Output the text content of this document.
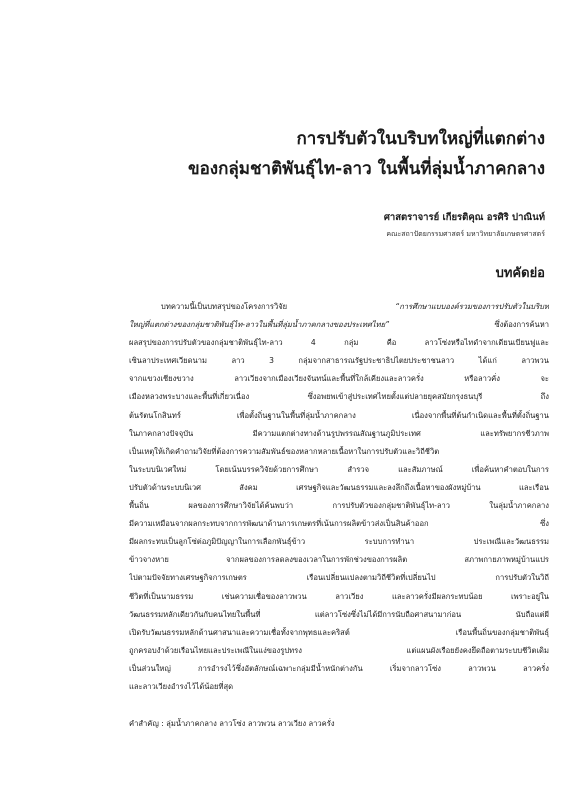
การปรับตัวในบริบทใหญ่ที่แตกต่าง
ของกลุ่มชาติพันธุ์ไท-ลาว ในพื้นที่ลุ่มน้ำภาคกลาง
ศาสตราจารย์ เกียรติคุณ อรศิริ ปาณินท์
คณะสถาปัตยกรรมศาสตร์ มหาวิทยาลัยเกษตรศาสตร์
บทคัดย่อ
บทความนี้เป็นบทสรุปของโครงการวิจัย “การศึกษาแบบองค์รวมของการปรับตัวในบริบท
ใหญ่ที่แตกต่างของกลุ่มชาติพันธุ์ไท-ลาวในพื้นที่ลุ่มน้ำภาคกลางของประเทศไทย” ซึ่งต้องการค้นหา
ผลสรุปของการปรับตัวของกลุ่มชาติพันธุ์ไท-ลาว 4 กลุ่ม คือ ลาวโซ่งหรือไทดำจากเดียนเบียนฟูและ
เซินลาประเทศเวียดนาม ลาว 3 กลุ่มจากสาธารณรัฐประชาธิปไตยประชาชนลาว ได้แก่ ลาวพวน
จากแขวงเชียงขวาง ลาวเวียงจากเมืองเวียงจันทน์และพื้นที่ใกล้เคียงและลาวครั่ง หรือลาวคั่ง จะ
เมืองหลวงพระบางและพื้นที่เกี่ยวเนื่อง ซึ่งอพยพเข้าสู่ประเทศไทยตั้งแต่ปลายยุคสมัยกรุงธนบุรี ถึง
ต้นรัตนโกสินทร์ เพื่อตั้งถิ่นฐานในพื้นที่ลุ่มน้ำภาคกลาง เนื่องจากพื้นที่ต้นกำเนิดและพื้นที่ตั้งถิ่นฐาน
ในภาคกลางปัจจุบัน มีความแตกต่างทางด้านรูปพรรณสัณฐานภูมิประเทศ และทรัพยากรชีวภาพ
เป็นเหตุให้เกิดคำถามวิจัยที่ต้องการความสัมพันธ์ของหลากหลายเนื้อหาในการปรับตัวและวิถีชีวิต
ในระบบนิเวศใหม่ โดยเน้นบรรควิจัยด้วยการศึกษา สำรวจ และสัมภาษณ์ เพื่อค้นหาคำตอบในการ
ปรับตัวด้านระบบนิเวศ สังคม เศรษฐกิจและวัฒนธรรมและลงลึกถึงเนื้อหาของผังหมู่บ้าน และเรือน
พื้นถิ่น ผลของการศึกษาวิจัยได้ค้นพบว่า การปรับตัวของกลุ่มชาติพันธุ์ไท-ลาว ในลุ่มน้ำภาคกลาง
มีความเหมือนจากผลกระทบจากการพัฒนาด้านการเกษตรที่เน้นการผลิตข้าวส่งเป็นสินค้าออก ซึ่ง
มีผลกระทบเป็นลูกโซ่ต่อภูมิปัญญาในการเลือกพันธุ์ข้าว ระบบการทำนา ประเพณีและวัฒนธรรม
ข้าวจางหาย จากผลของการลดลงของเวลาในการพักช่วงของการผลิต สภาพกายภาพหมู่บ้านแปร
ไปตามปัจจัยทางเศรษฐกิจการเกษตร เรือนเปลี่ยนแปลงตามวิถีชีวิตที่เปลี่ยนไป การปรับตัวในวิถี
ชีวิตที่เป็นนามธรรม เช่นความเชื่อของลาวพวน ลาวเวียง และลาวครั่งมีผลกระทบน้อย เพราะอยู่ใน
วัฒนธรรมหลักเดียวกันกับคนไทยในพื้นที่ แต่ลาวโซ่งซึ่งไม่ได้มีการนับถือศาสนามาก่อน นับถือแต่ผี
เปิดรับวัฒนธรรมหลักด้านศาสนาและความเชื่อทั้งจากพุทธและคริสต์ เรือนพื้นถิ่นของกลุ่มชาติพันธุ์
ถูกครอบงำด้วยเรือนไทยและประเพณีในแง่ของรูปทรง แต่แผนผังเรือยยังคงยึดถือตามระบบชีวิตเดิม
เป็นส่วนใหญ่ การอำรงไว้ซึ่งอัตลักษณ์เฉพาะกลุ่มมีน้ำหนักต่างกัน เริ่มจากลาวโซ่ง ลาวพวน ลาวครั่ง
และลาวเวียงอำรงไว้ได้น้อยที่สุด
คำสำคัญ : ลุ่มน้ำภาคกลาง ลาวโซ่ง ลาวพวน ลาวเวียง ลาวครั่ง
